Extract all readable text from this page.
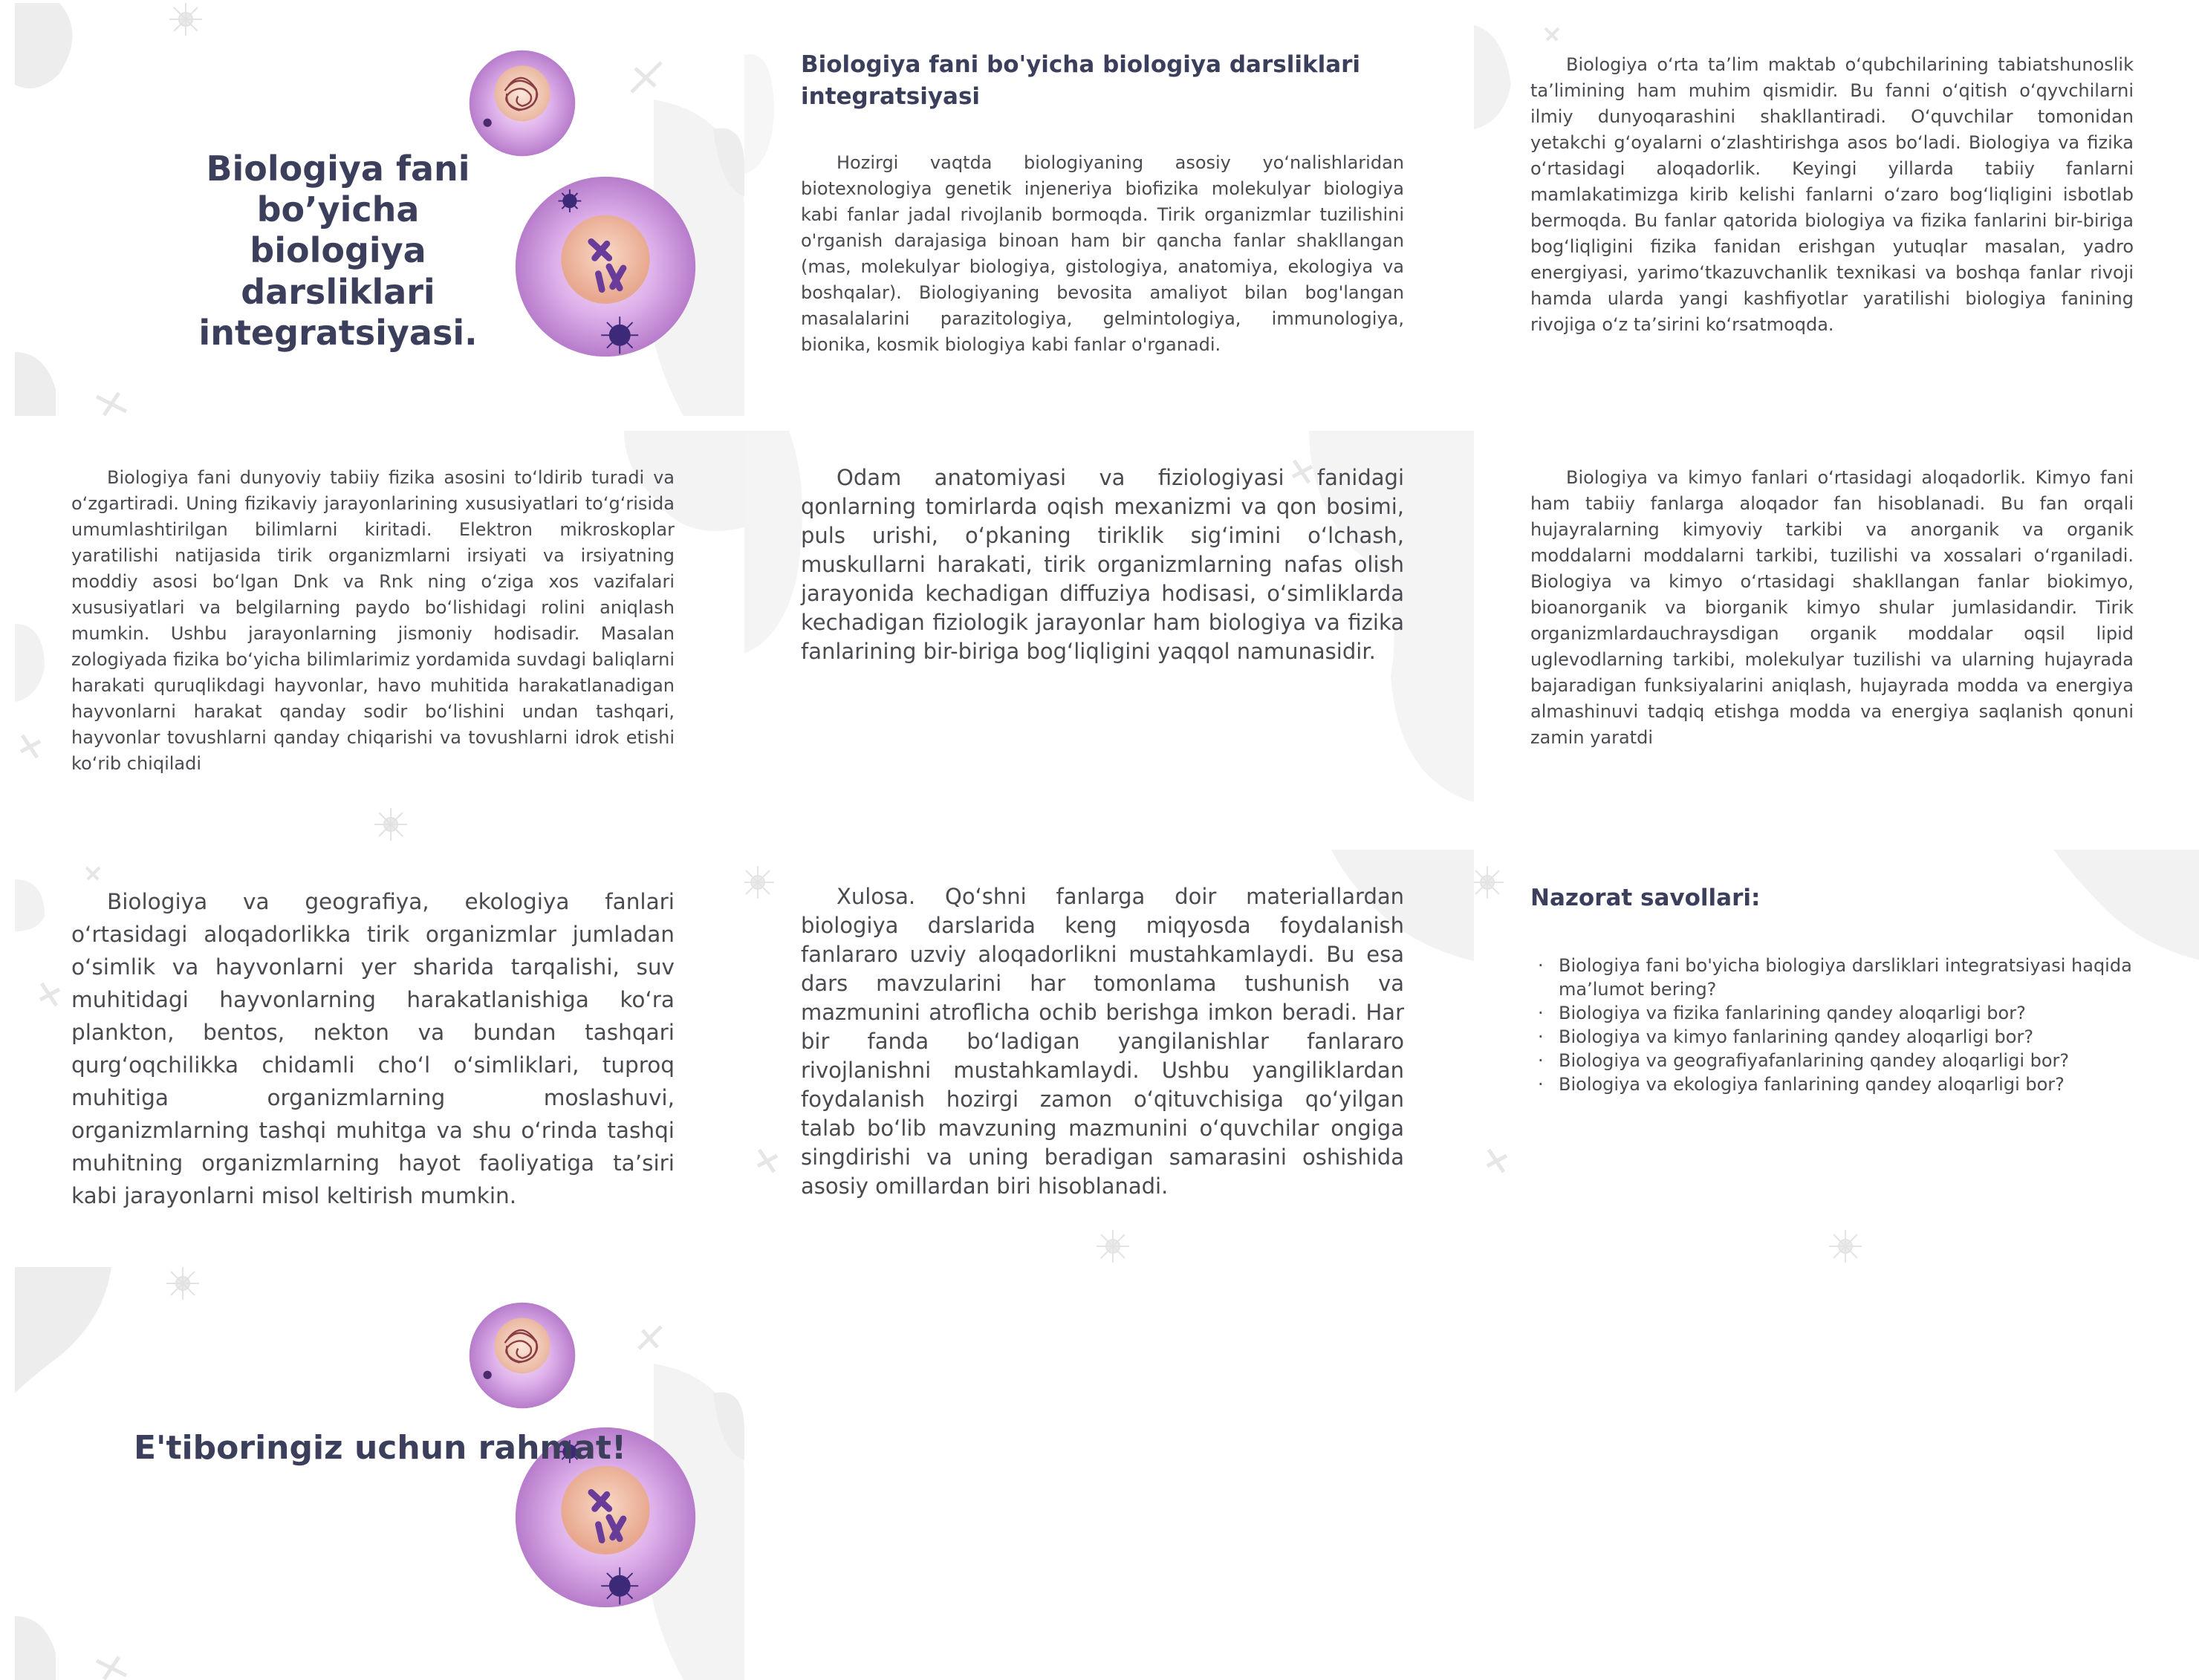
Biologiya fani bo’yicha biologiya darsliklari integratsiyasi.
Biologiya fani bo'yicha biologiya darsliklari integratsiyasi
Hozirgi vaqtda biologiyaning asosiy yo‘nalishlaridan biotexnologiya genetik injeneriya biofizika molekulyar biologiya kabi fanlar jadal rivojlanib bormoqda. Tirik organizmlar tuzilishini o'rganish darajasiga binoan ham bir qancha fanlar shakllangan (mas, molekulyar biologiya, gistologiya, anatomiya, ekologiya va boshqalar). Biologiyaning bevosita amaliyot bilan bog'langan masalalarini parazitologiya, gelmintologiya, immunologiya, bionika, kosmik biologiya kabi fanlar o'rganadi.
Biologiya o‘rta ta’lim maktab o‘qubchilarining tabiatshunoslik ta’limining ham muhim qismidir. Bu fanni o‘qitish o‘qyvchilarni ilmiy dunyoqarashini shakllantiradi. O‘quvchilar tomonidan yetakchi g‘oyalarni o‘zlashtirishga asos bo‘ladi. Biologiya va fizika o‘rtasidagi aloqadorlik. Keyingi yillarda tabiiy fanlarni mamlakatimizga kirib kelishi fanlarni o‘zaro bog‘liqligini isbotlab bermoqda. Bu fanlar qatorida biologiya va fizika fanlarini bir-biriga bog‘liqligini fizika fanidan erishgan yutuqlar masalan, yadro energiyasi, yarimo‘tkazuvchanlik texnikasi va boshqa fanlar rivoji hamda ularda yangi kashfiyotlar yaratilishi biologiya fanining rivojiga o‘z ta’sirini ko‘rsatmoqda.
Biologiya fani dunyoviy tabiiy fizika asosini to‘ldirib turadi va o‘zgartiradi. Uning fizikaviy jarayonlarining xususiyatlari to‘g‘risida umumlashtirilgan bilimlarni kiritadi. Elektron mikroskoplar yaratilishi natijasida tirik organizmlarni irsiyati va irsiyatning moddiy asosi bo‘lgan Dnk va Rnk ning o‘ziga xos vazifalari xususiyatlari va belgilarning paydo bo‘lishidagi rolini aniqlash mumkin. Ushbu jarayonlarning jismoniy hodisadir. Masalan zologiyada fizika bo‘yicha bilimlarimiz yordamida suvdagi baliqlarni harakati quruqlikdagi hayvonlar, havo muhitida harakatlanadigan hayvonlarni harakat qanday sodir bo‘lishini undan tashqari, hayvonlar tovushlarni qanday chiqarishi va tovushlarni idrok etishi ko‘rib chiqiladi
Odam anatomiyasi va fiziologiyasi fanidagi qonlarning tomirlarda oqish mexanizmi va qon bosimi, puls urishi, o‘pkaning tiriklik sig‘imini o‘lchash, muskullarni harakati, tirik organizmlarning nafas olish jarayonida kechadigan diffuziya hodisasi, o‘simliklarda kechadigan fiziologik jarayonlar ham biologiya va fizika fanlarining bir-biriga bog‘liqligini yaqqol namunasidir.
Biologiya va kimyo fanlari o‘rtasidagi aloqadorlik. Kimyo fani ham tabiiy fanlarga aloqador fan hisoblanadi. Bu fan orqali hujayralarning kimyoviy tarkibi va anorganik va organik moddalarni moddalarni tarkibi, tuzilishi va xossalari o‘rganiladi. Biologiya va kimyo o‘rtasidagi shakllangan fanlar biokimyo, bioanorganik va biorganik kimyo shular jumlasidandir. Tirik organizmlardauchraysdigan organik moddalar oqsil lipid uglevodlarning tarkibi, molekulyar tuzilishi va ularning hujayrada bajaradigan funksiyalarini aniqlash, hujayrada modda va energiya almashinuvi tadqiq etishga modda va energiya saqlanish qonuni zamin yaratdi
Biologiya va geografiya, ekologiya fanlari o‘rtasidagi aloqadorlikka tirik organizmlar jumladan o‘simlik va hayvonlarni yer sharida tarqalishi, suv muhitidagi hayvonlarning harakatlanishiga ko‘ra plankton, bentos, nekton va bundan tashqari qurg‘oqchilikka chidamli cho‘l o‘simliklari, tuproq muhitiga organizmlarning moslashuvi, organizmlarning tashqi muhitga va shu o‘rinda tashqi muhitning organizmlarning hayot faoliyatiga ta’siri kabi jarayonlarni misol keltirish mumkin.
Xulosa. Qo‘shni fanlarga doir materiallardan biologiya darslarida keng miqyosda foydalanish fanlararo uzviy aloqadorlikni mustahkamlaydi. Bu esa dars mavzularini har tomonlama tushunish va mazmunini atroflicha ochib berishga imkon beradi. Har bir fanda bo‘ladigan yangilanishlar fanlararo rivojlanishni mustahkamlaydi. Ushbu yangiliklardan foydalanish hozirgi zamon o‘qituvchisiga qo‘yilgan talab bo‘lib mavzuning mazmunini o‘quvchilar ongiga singdirishi va uning beradigan samarasini oshishida asosiy omillardan biri hisoblanadi.
Nazorat savollari:
· Biologiya fani bo'yicha biologiya darsliklari integratsiyasi haqida ma’lumot bering?
· Biologiya va fizika fanlarining qandey aloqarligi bor?
· Biologiya va kimyo fanlarining qandey aloqarligi bor?
· Biologiya va geografiyafanlarining qandey aloqarligi bor?
· Biologiya va ekologiya fanlarining qandey aloqarligi bor?
E'tiboringiz uchun rahmat!
